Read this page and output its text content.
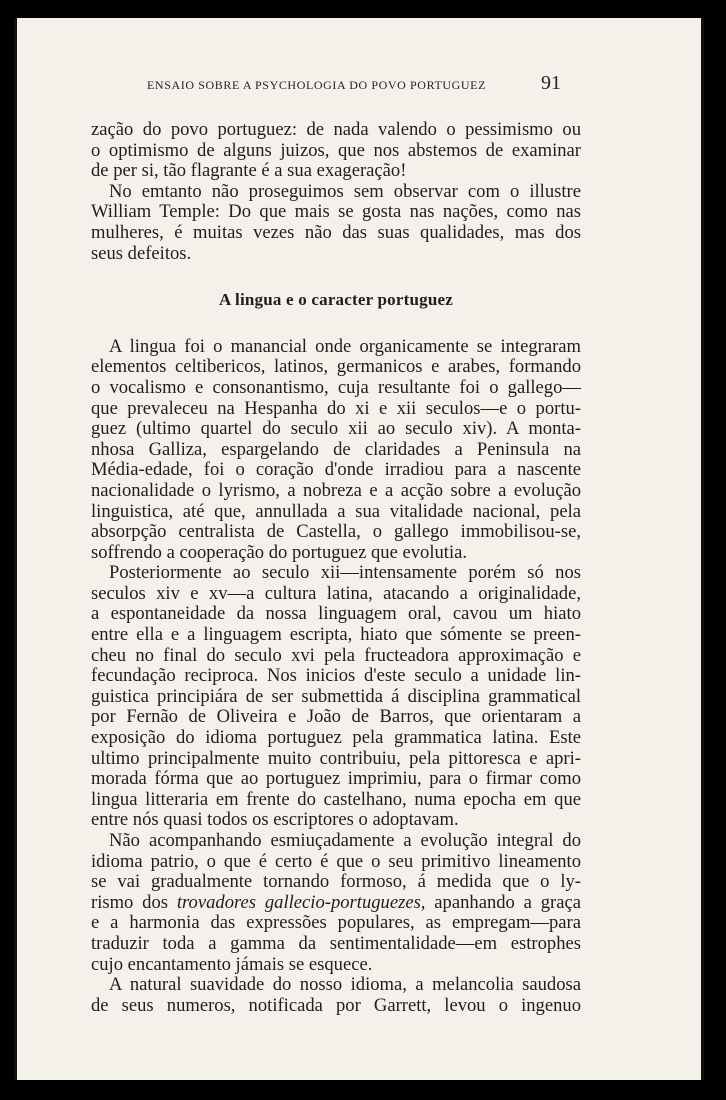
ENSAIO SOBRE A PSYCHOLOGIA DO POVO PORTUGUEZ	91
zação do povo portuguez: de nada valendo o pessimismo ou
o optimismo de alguns juizos, que nos abstemos de examinar
de per si, tão flagrante é a sua exageração!
No emtanto não proseguimos sem observar com o illustre
William Temple: Do que mais se gosta nas nações, como nas
mulheres, é muitas vezes não das suas qualidades, mas dos
seus defeitos.
A lingua e o caracter portuguez
A lingua foi o manancial onde organicamente se integraram
elementos celtibericos, latinos, germanicos e arabes, formando
o vocalismo e consonantismo, cuja resultante foi o gallego—
que prevaleceu na Hespanha do xi e xii seculos—e o portu-
guez (ultimo quartel do seculo xii ao seculo xiv). A monta-
nhosa Galliza, espargelando de claridades a Peninsula na
Média-edade, foi o coração d'onde irradiou para a nascente
nacionalidade o lyrismo, a nobreza e a acção sobre a evolução
linguistica, até que, annullada a sua vitalidade nacional, pela
absorpção centralista de Castella, o gallego immobilisou-se,
soffrendo a cooperação do portuguez que evolutia.
Posteriormente ao seculo xii—intensamente porém só nos
seculos xiv e xv—a cultura latina, atacando a originalidade,
a espontaneidade da nossa linguagem oral, cavou um hiato
entre ella e a linguagem escripta, hiato que sómente se preen-
cheu no final do seculo xvi pela fructeadora approximação e
fecundação reciproca. Nos inicios d'este seculo a unidade lin-
guistica principiára de ser submettida á disciplina grammatical
por Fernão de Oliveira e João de Barros, que orientaram a
exposição do idioma portuguez pela grammatica latina. Este
ultimo principalmente muito contribuiu, pela pittoresca e apri-
morada fórma que ao portuguez imprimiu, para o firmar como
lingua litteraria em frente do castelhano, numa epocha em que
entre nós quasi todos os escriptores o adoptavam.
Não acompanhando esmiuçadamente a evolução integral do
idioma patrio, o que é certo é que o seu primitivo lineamento
se vai gradualmente tornando formoso, á medida que o ly-
rismo dos trovadores gallecio-portuguezes, apanhando a graça
e a harmonia das expressões populares, as empregam—para
traduzir toda a gamma da sentimentalidade—em estrophes
cujo encantamento jámais se esquece.
A natural suavidade do nosso idioma, a melancolia saudosa
de seus numeros, notificada por Garrett, levou o ingenuo
